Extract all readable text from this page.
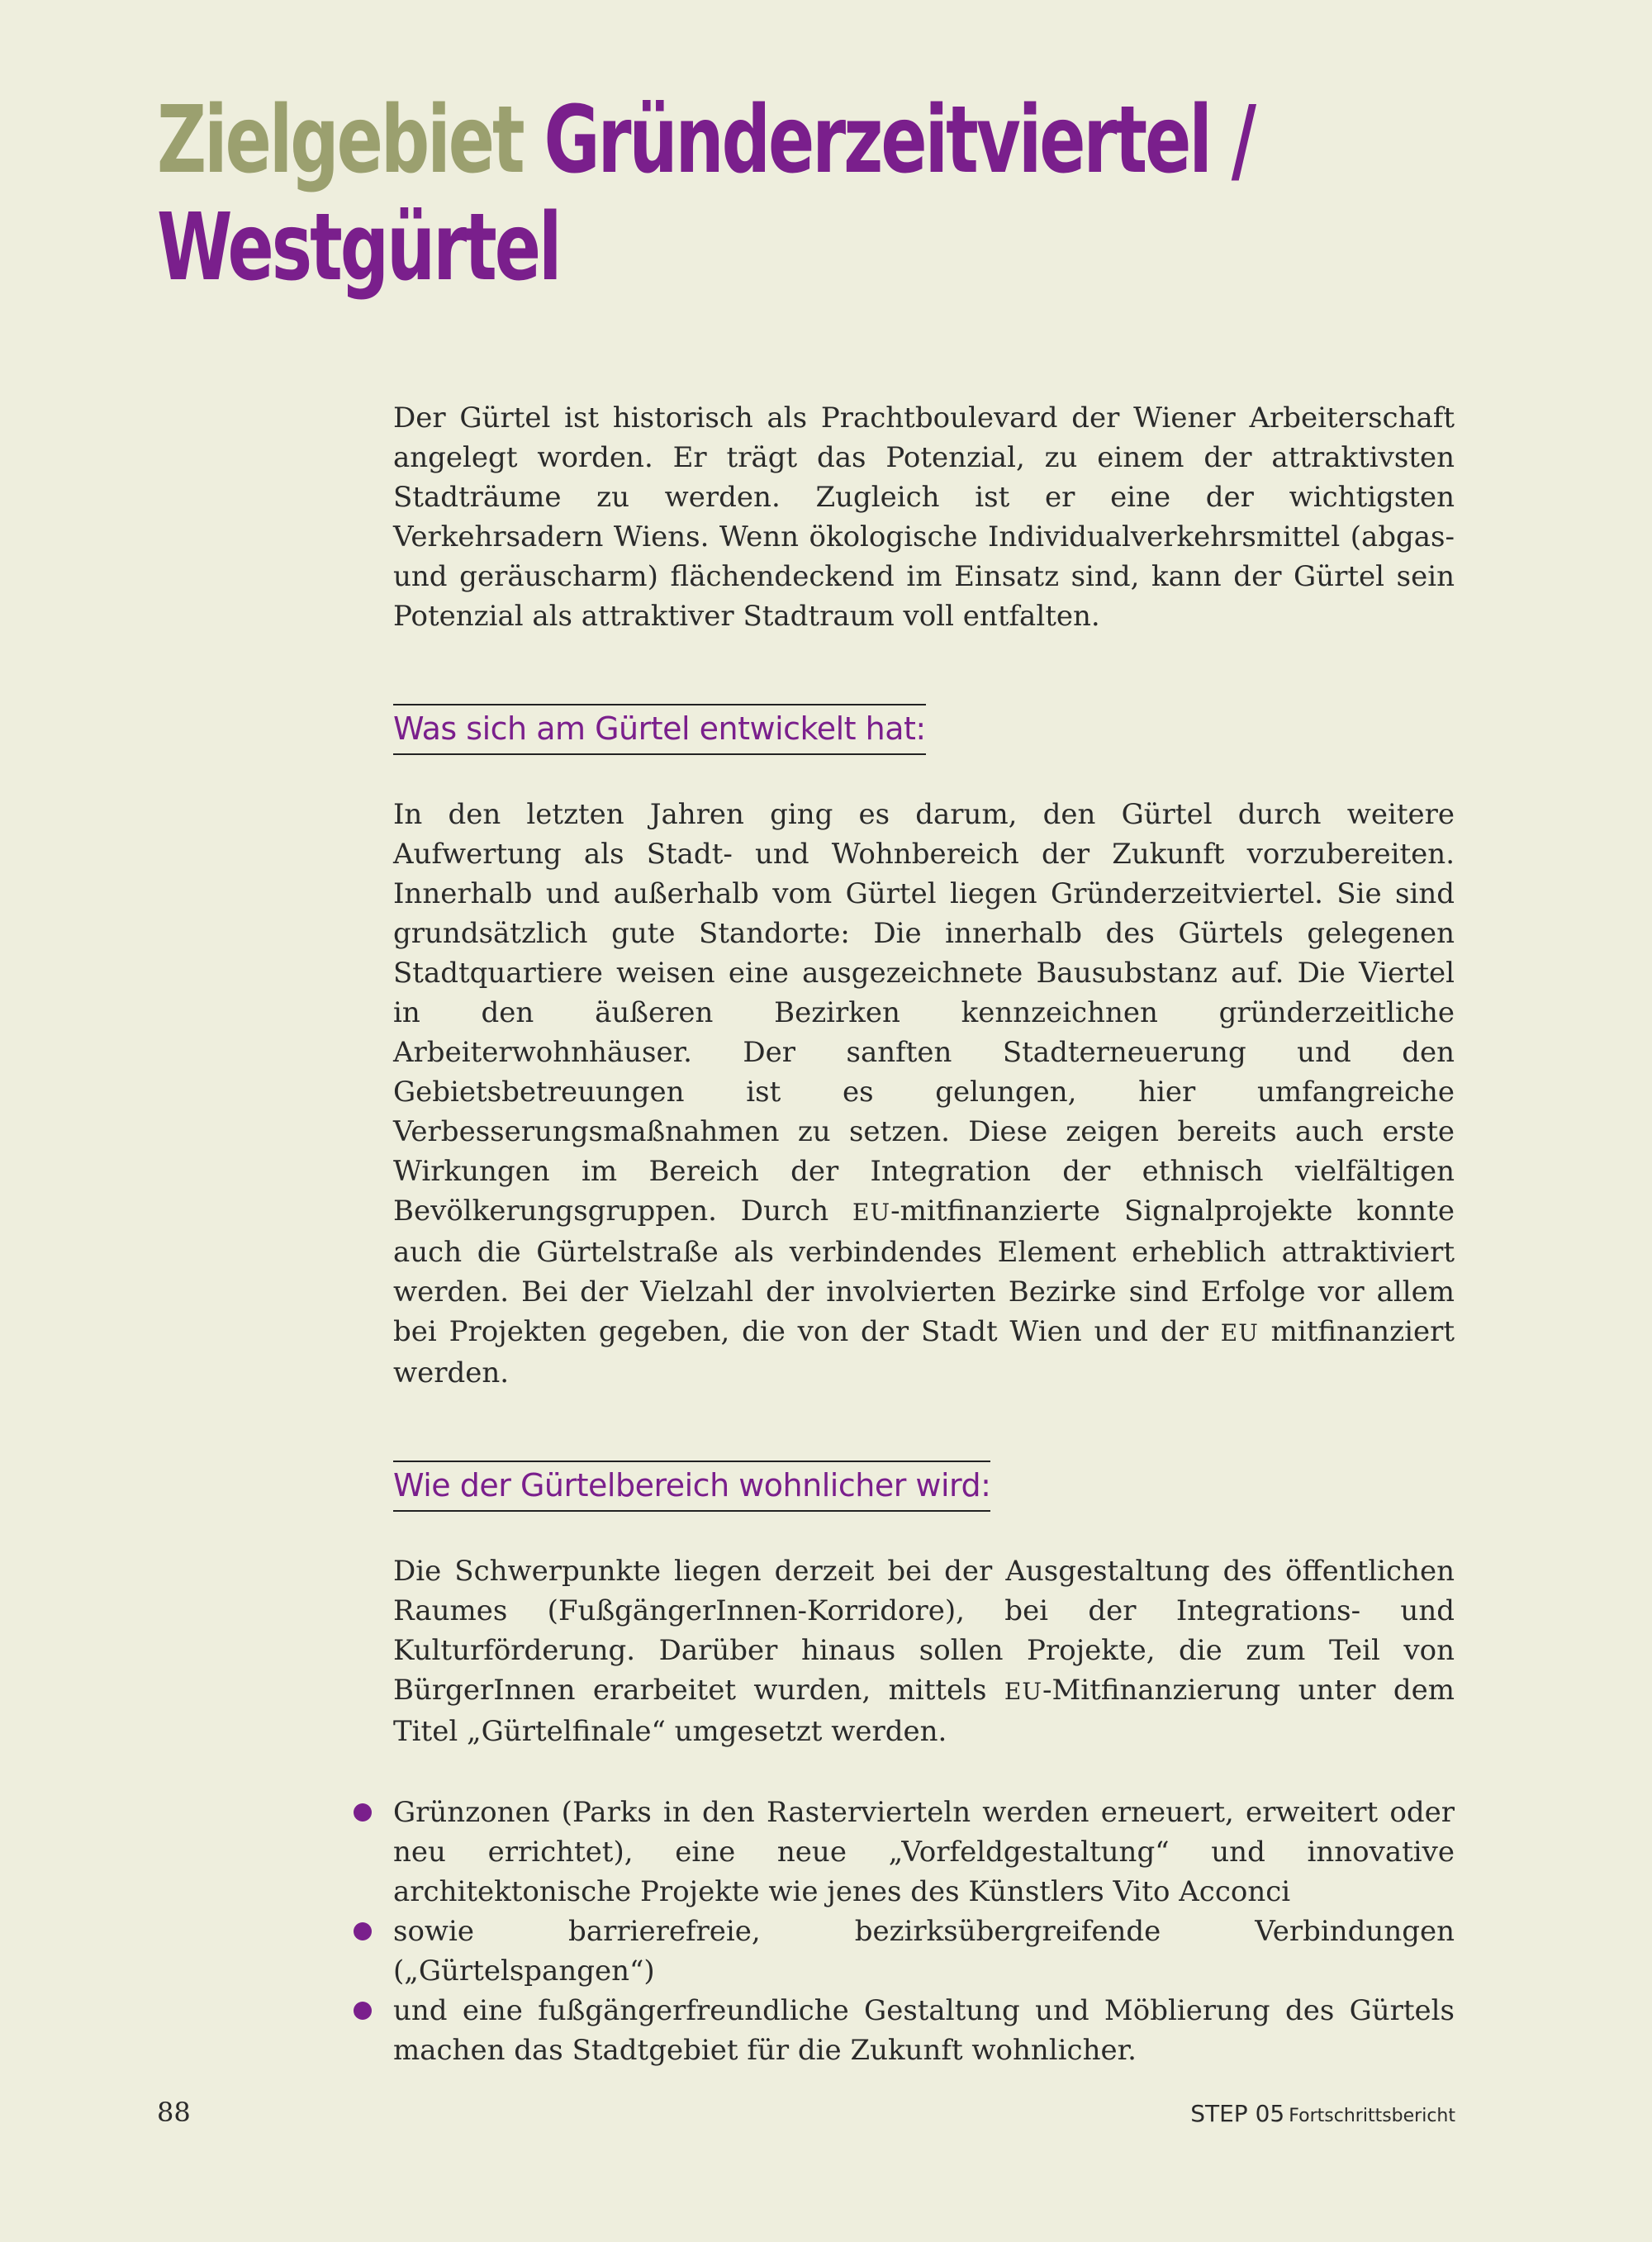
Zielgebiet Gründerzeitviertel /
Westgürtel

Der Gürtel ist historisch als Prachtboulevard der Wiener Arbeiterschaft angelegt worden. Er trägt das Potenzial, zu einem der attraktivsten Stadträume zu werden. Zugleich ist er eine der wichtigsten Verkehrsadern Wiens. Wenn ökologische Individualverkehrsmittel (abgas- und geräuscharm) flächendeckend im Einsatz sind, kann der Gürtel sein Potenzial als attraktiver Stadtraum voll entfalten.

Was sich am Gürtel entwickelt hat:

In den letzten Jahren ging es darum, den Gürtel durch weitere Aufwertung als Stadt- und Wohnbereich der Zukunft vorzubereiten. Innerhalb und außerhalb vom Gürtel liegen Gründerzeitviertel. Sie sind grundsätzlich gute Standorte: Die innerhalb des Gürtels gelegenen Stadtquartiere weisen eine ausgezeichnete Bausubstanz auf. Die Viertel in den äußeren Bezirken kennzeichnen gründerzeitliche Arbeiterwohnhäuser. Der sanften Stadterneuerung und den Gebietsbetreuungen ist es gelungen, hier umfangreiche Verbesserungsmaßnahmen zu setzen. Diese zeigen bereits auch erste Wirkungen im Bereich der Integration der ethnisch vielfältigen Bevölkerungsgruppen. Durch EU-mitfinanzierte Signalprojekte konnte auch die Gürtelstraße als verbindendes Element erheblich attraktiviert werden. Bei der Vielzahl der involvierten Bezirke sind Erfolge vor allem bei Projekten gegeben, die von der Stadt Wien und der EU mitfinanziert werden.

Wie der Gürtelbereich wohnlicher wird:

Die Schwerpunkte liegen derzeit bei der Ausgestaltung des öffentlichen Raumes (FußgängerInnen-Korridore), bei der Integrations- und Kulturförderung. Darüber hinaus sollen Projekte, die zum Teil von BürgerInnen erarbeitet wurden, mittels EU-Mitfinanzierung unter dem Titel „Gürtelfinale“ umgesetzt werden.

Grünzonen (Parks in den Rastervierteln werden erneuert, erweitert oder neu errichtet), eine neue „Vorfeldgestaltung“ und innovative architektonische Projekte wie jenes des Künstlers Vito Acconci
sowie barrierefreie, bezirksübergreifende Verbindungen („Gürtelspangen“)
und eine fußgängerfreundliche Gestaltung und Möblierung des Gürtels machen das Stadtgebiet für die Zukunft wohnlicher.
88	STEP 05 Fortschrittsbericht
